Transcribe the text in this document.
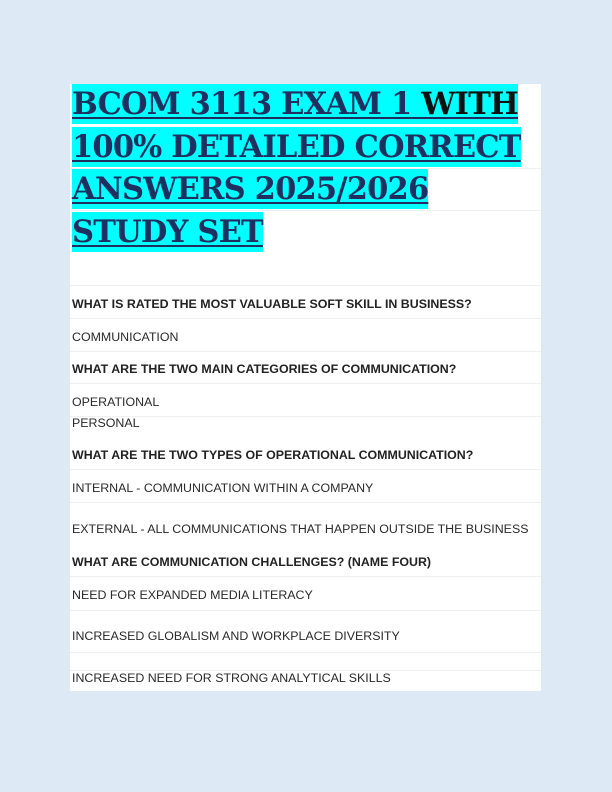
BCOM 3113 EXAM 1 WITH
100% DETAILED CORRECT
ANSWERS 2025/2026
STUDY SET
WHAT IS RATED THE MOST VALUABLE SOFT SKILL IN BUSINESS?
COMMUNICATION
WHAT ARE THE TWO MAIN CATEGORIES OF COMMUNICATION?
OPERATIONAL
PERSONAL
WHAT ARE THE TWO TYPES OF OPERATIONAL COMMUNICATION?
INTERNAL - COMMUNICATION WITHIN A COMPANY
EXTERNAL - ALL COMMUNICATIONS THAT HAPPEN OUTSIDE THE BUSINESS
WHAT ARE COMMUNICATION CHALLENGES? (NAME FOUR)
NEED FOR EXPANDED MEDIA LITERACY
INCREASED GLOBALISM AND WORKPLACE DIVERSITY
INCREASED NEED FOR STRONG ANALYTICAL SKILLS
